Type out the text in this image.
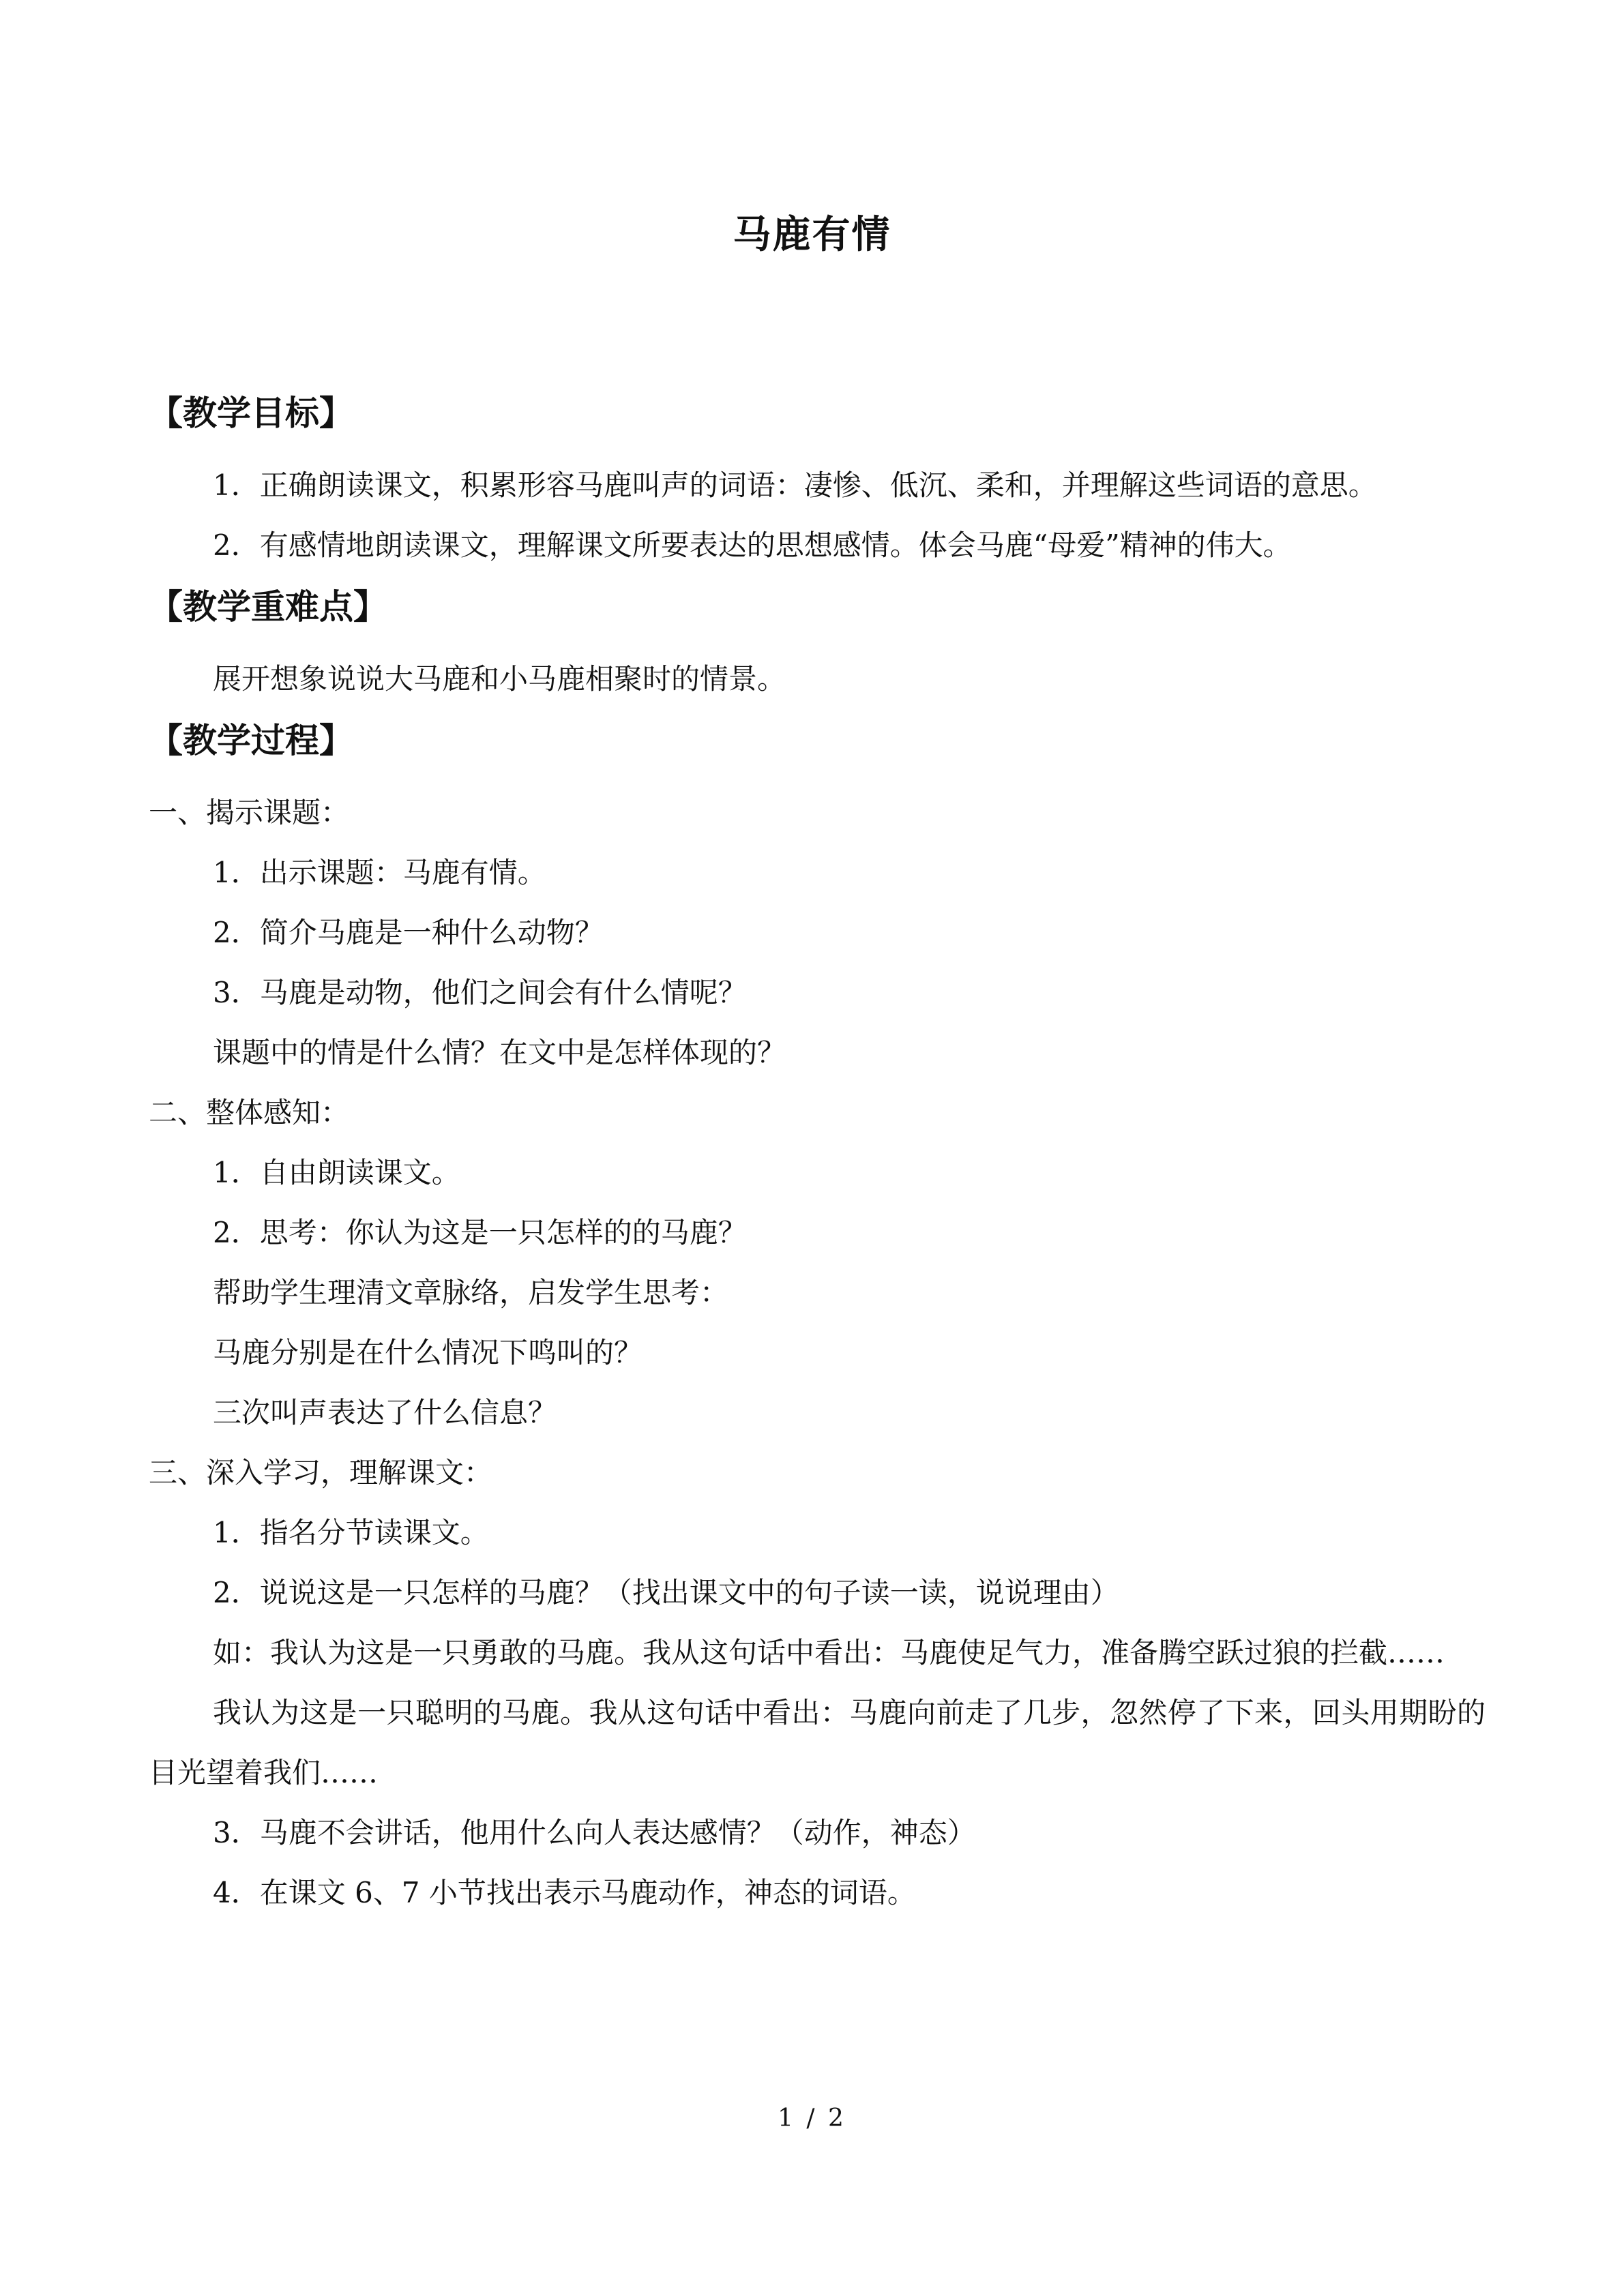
马鹿有情
【教学目标】

1．正确朗读课文，积累形容马鹿叫声的词语：凄惨、低沉、柔和，并理解这些词语的意思。

2．有感情地朗读课文，理解课文所要表达的思想感情。体会马鹿“母爱”精神的伟大。

【教学重难点】

展开想象说说大马鹿和小马鹿相聚时的情景。

【教学过程】

一、揭示课题：

1．出示课题：马鹿有情。

2．简介马鹿是一种什么动物？

3．马鹿是动物，他们之间会有什么情呢？

课题中的情是什么情？在文中是怎样体现的？

二、整体感知：

1．自由朗读课文。

2．思考：你认为这是一只怎样的的马鹿？

帮助学生理清文章脉络，启发学生思考：

马鹿分别是在什么情况下鸣叫的？

三次叫声表达了什么信息？

三、深入学习，理解课文：

1．指名分节读课文。

2．说说这是一只怎样的马鹿？（找出课文中的句子读一读，说说理由）

如：我认为这是一只勇敢的马鹿。我从这句话中看出：马鹿使足气力，准备腾空跃过狼的拦截……

我认为这是一只聪明的马鹿。我从这句话中看出：马鹿向前走了几步，忽然停了下来，回头用期盼的目光望着我们……

3．马鹿不会讲话，他用什么向人表达感情？（动作，神态）

4．在课文 6、7 小节找出表示马鹿动作，神态的词语。

1 / 2
